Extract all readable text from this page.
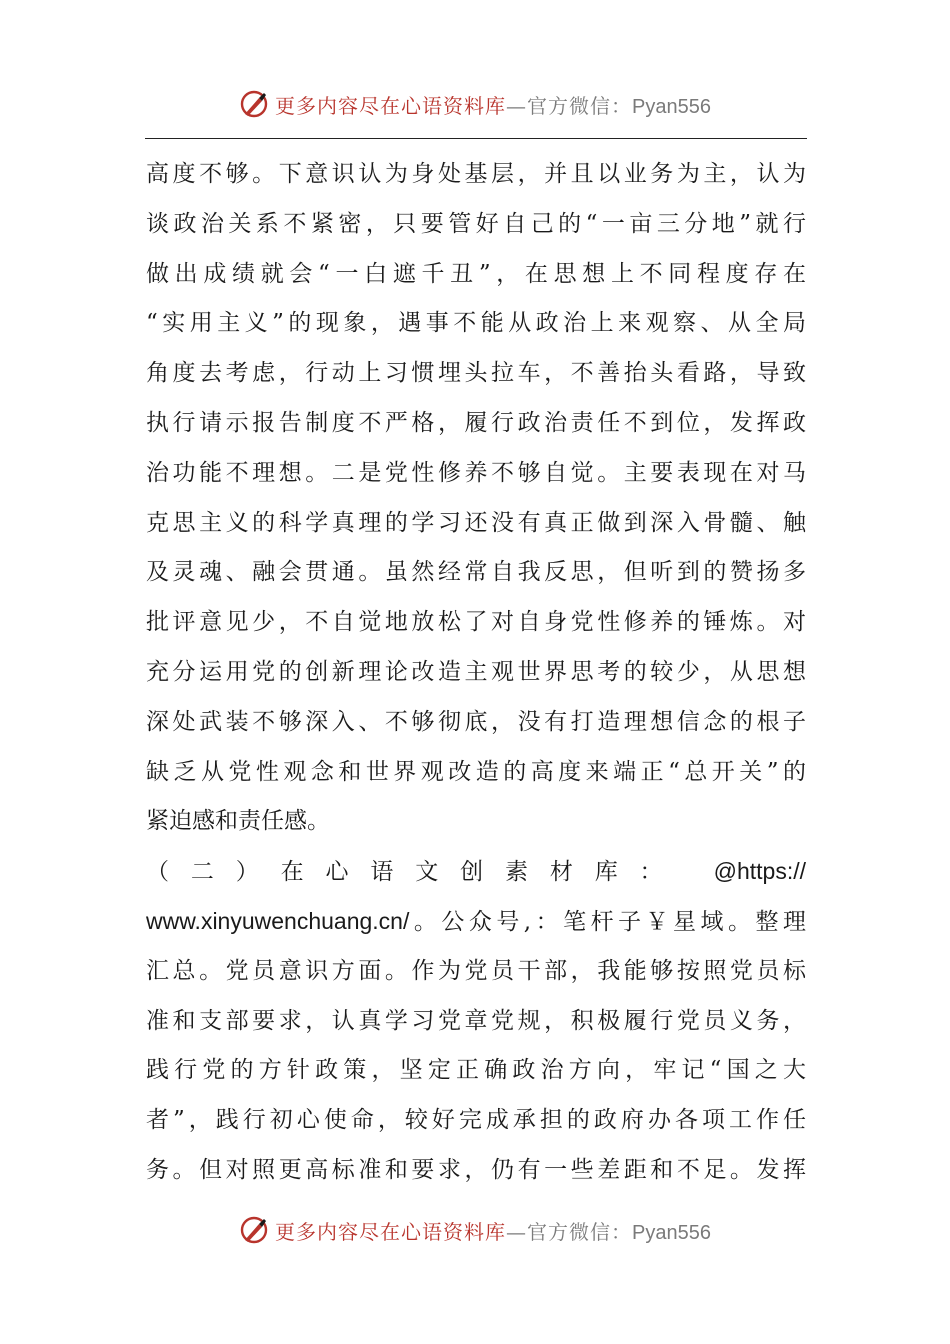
更多内容尽在心语资料库—官方微信：Pyan556
高度不够。下意识认为身处基层，并且以业务为主，认为
谈政治关系不紧密，只要管好自己的“一亩三分地”就行
做出成绩就会“一白遮千丑”，在思想上不同程度存在
“实用主义”的现象，遇事不能从政治上来观察、从全局
角度去考虑，行动上习惯埋头拉车，不善抬头看路，导致
执行请示报告制度不严格，履行政治责任不到位，发挥政
治功能不理想。二是党性修养不够自觉。主要表现在对马
克思主义的科学真理的学习还没有真正做到深入骨髓、触
及灵魂、融会贯通。虽然经常自我反思，但听到的赞扬多
批评意见少，不自觉地放松了对自身党性修养的锤炼。对
充分运用党的创新理论改造主观世界思考的较少，从思想
深处武装不够深入、不够彻底，没有打造理想信念的根子
缺乏从党性观念和世界观改造的高度来端正“总开关”的
紧迫感和责任感。
（二）在心语文创素材库： @https://
www.xinyuwenchuang.cn/。公众号,：笔杆子￥星域。整理
汇总。党员意识方面。作为党员干部，我能够按照党员标
准和支部要求，认真学习党章党规，积极履行党员义务，
践行党的方针政策，坚定正确政治方向，牢记“国之大
者”，践行初心使命，较好完成承担的政府办各项工作任
务。但对照更高标准和要求，仍有一些差距和不足。发挥
更多内容尽在心语资料库—官方微信：Pyan556
